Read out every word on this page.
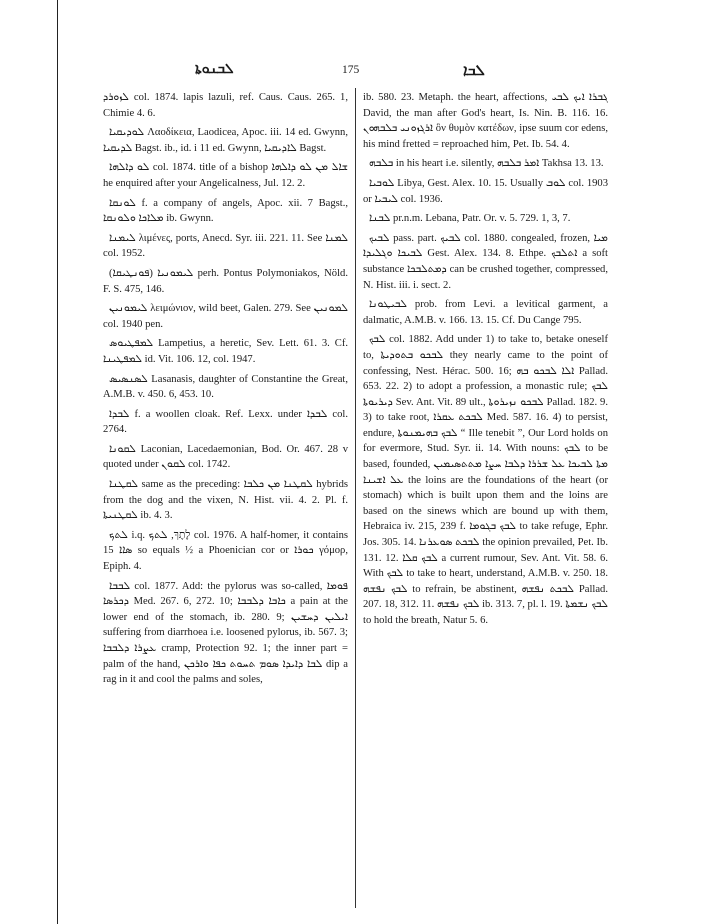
ܠܒܢܘܬܐ	175	ܠܒܐ

ܠܙܘܪܕ col. 1874. lapis lazuli, ref. Caus. Caus. 265. 1, Chimie 4. 6.

ܠܘܕܝܩܝܐ Λαοδίκεια, Laodicea, Apoc. iii. 14 ed. Gwynn, ܠܕܝܩܝܐ Bagst. ib., id. i 11 ed. Gwynn, ܠܐܕܝܩܝܐ Bagst.

ܠܘ ܕܐܠܗܐ col. 1874. title of a bishop ܫܐܠ ܡܢ ܠܘ ܕܐܠܗܐ he enquired after your Angelicalness, Jul. 12. 2.

ܠܘܢܩܐ f. a company of angels, Apoc. xii. 7 Bagst., ܡܠܐܟܐ ܘܠܘܢܩܐ ib. Gwynn.

ܠܝܡܢܐ λιμένες, ports, Anecd. Syr. iii. 221. 11. See ܠܡܢܐ col. 1952.

ܠܝܡܘܢܝܐ (ܦܘܢܛܝܩܐ) perh. Pontus Polymoniakos, Nöld. F. S. 475, 146.

ܠܝܡܘܢܝܢ λειμώνιον, wild beet, Galen. 279. See ܠܡܘܢܝܢ col. 1940 pen.

ܠܡܦܛܝܘܣ Lampetius, a heretic, Sev. Lett. 61. 3. Cf. ܠܡܦܛܝܢܐ id. Vit. 106. 12, col. 1947.

ܠܣܢܣܝܣ Lasanasis, daughter of Constantine the Great, A.M.B. v. 450. 6, 453. 10.

ܠܒܕܐ f. a woollen cloak. Ref. Lexx. under ܠܒܕܐ col. 2764.

ܠܩܘܢܐ Laconian, Lacedaemonian, Bod. Or. 467. 28 v quoted under ܠܩܘܢ col. 1742.

ܠܩܛܢܐ same as the preceding: ܠܩܛܢܐ ܡܢ ܟܠܒܐ hybrids from the dog and the vixen, N. Hist. vii. 4. 2. Pl. f. ܠܩܛܢܝܬܐ ib. 4. 3.

ܠܬܟ i.q. לֶתֶךְ, ܠܬܟ col. 1976. A half-homer, it contains 15 ܣܐܐ so equals ½ a Phoenician cor or ܟܘܪܐ γόμορ, Epiph. 4.

ܠܒܒܐ col. 1877. Add: the pylorus was so-called, ܦܘܡܐ ܕܟܪܣܐ Med. 267. 6, 272. 10; ܟܐܒܐ ܕܠܒܒܐ a pain at the lower end of the stomach, ib. 280. 9; ܐܝܠܝܢ ܕܚܫܝܢ suffering from diarrhoea i.e. loosened pylorus, ib. 567. 3; ܥܨܪܐ ܕܠܒܒܐ cramp, Protection 92. 1; the inner part = palm of the hand, ܠܒܐ ܕܐܝܕܐ ܣܘܡ ܬܚܘܬ ܟܦܐ ܘܐܪܟܢ dip a rag in it and cool the palms and soles,

ib. 580. 23. Metaph. the heart, affections, ܓܒܪܐ ܐܝܟ ܠܒܝ David, the man after God's heart, Is. Nin. B. 116. 16. ܐܪܓܙܘܢܝ ܒܠܒܗܘܢ ὃν θυμὸν κατέδων, ipse suum cor edens, his mind fretted = reproached him, Pet. Ib. 54. 4.

ܒܠܒܗ in his heart i.e. silently, ܐܡܪ ܒܠܒܗ Takhsa 13. 13.

ܠܘܒܝܐ Libya, Gest. Alex. 10. 15. Usually ܠܘܒ col. 1903 or ܠܝܒܝܐ col. 1936.

ܠܒܢܐ pr.n.m. Lebana, Patr. Or. v. 5. 729. 1, 3, 7.

ܠܒܝܟ pass. part. ܠܒܝܟ col. 1880. congealed, frozen, ܡܝܐ ܠܒܝܟܐ ܘܓܠܝܕܐ Gest. Alex. 134. 8. Ethpe. ܐܬܠܒܟ a soft substance ܕܡܬܠܒܟܐ can be crushed together, compressed, N. Hist. iii. i. sect. 2.

ܠܒܝܛܘܢܐ prob. from Levi. a levitical garment, a dalmatic, A.M.B. v. 166. 13. 15. Cf. Du Cange 795.

ܠܒܟ col. 1882. Add under 1) to take to, betake oneself to, ܠܒܟܘ ܒܬܘܕܝܬܐ they nearly came to the point of confessing, Nest. Hérac. 500. 16; ܐܠܐ ܠܒܟܘ ܒܗ Pallad. 653. 22. 2) to adopt a profession, a monastic rule; ܠܒܟ ܕܝܪܝܘܬܐ Sev. Ant. Vit. 89 ult., ܠܒܟܘ ܢܙܝܪܘܬܐ Pallad. 182. 9. 3) to take root, ܠܒܟܬ ܥܩܪܐ Med. 587. 16. 4) to persist, endure, ܠܒܟ ܒܗܝܡܢܘܬܐ “ Ille tenebit ”, Our Lord holds on for evermore, Stud. Syr. ii. 14. With nouns: ܠܒܟ to be based, founded, ܡܬܐ ܠܒܝܟܐ ܥܠ ܫܪܪܐ ܕܠܒܐ ܚܨܐ ܡܬܬܣܝܡܝܢ ܥܠ ܐܫܝܢܐ the loins are the foundations of the heart (or stomach) which is built upon them and the loins are based on the sinews which are bound up with them, Hebraica iv. 215, 239 f. ܠܒܟ ܒܓܘܡܐ to take refuge, Ephr. Jos. 305. 14. ܠܒܟܬ ܣܘܥܪܢܐ the opinion prevailed, Pet. Ib. 131. 12. ܠܒܟ ܩܠܐ a current rumour, Sev. Ant. Vit. 58. 6. With ܠܒܟ to take to heart, understand, A.M.B. v. 250. 18. ܠܒܟ ܢܦܫܗ to refrain, be abstinent, ܠܒܟܬ ܢܦܫܗ Pallad. 207. 18, 312. 11. ܠܒܟ ܢܦܫܗ ib. 313. 7, pl. l. 19. ܠܒܟ ܢܫܡܬܐ to hold the breath, Natur 5. 6.
